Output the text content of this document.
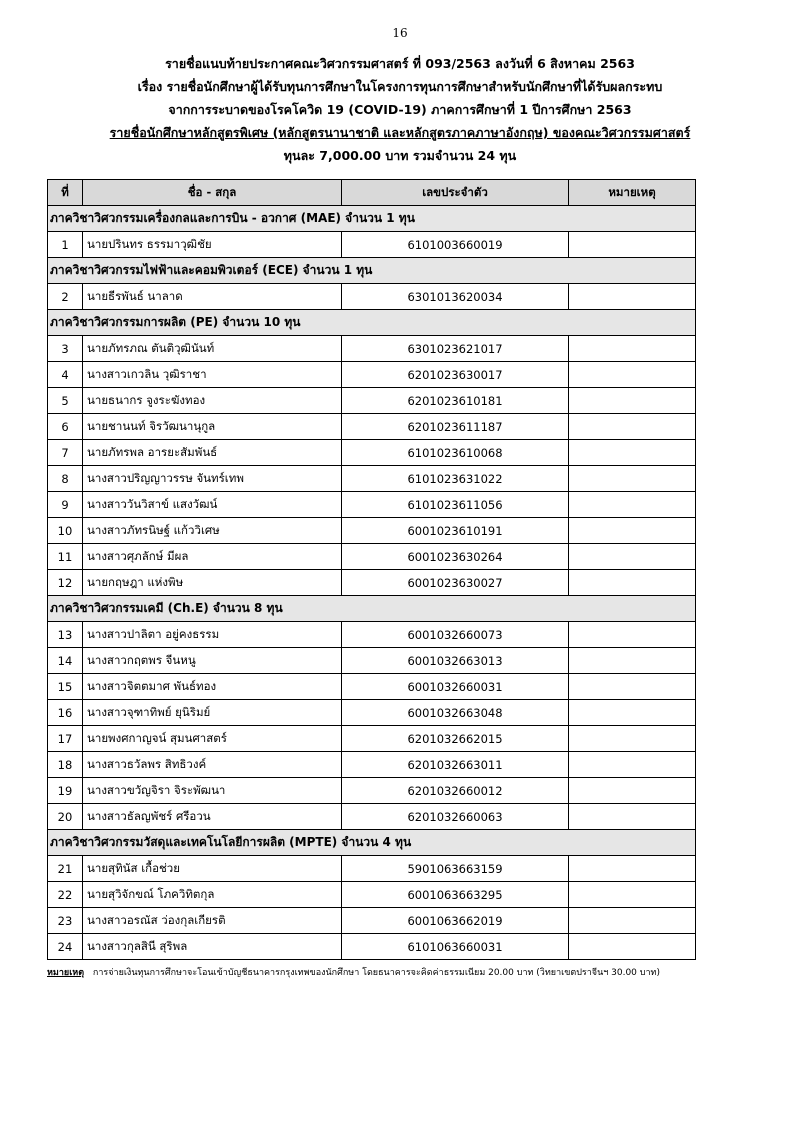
16
รายชื่อแนบท้ายประกาศคณะวิศวกรรมศาสตร์ ที่ 093/2563 ลงวันที่ 6 สิงหาคม 2563
เรื่อง รายชื่อนักศึกษาผู้ได้รับทุนการศึกษาในโครงการทุนการศึกษาสำหรับนักศึกษาที่ได้รับผลกระทบ
จากการระบาดของโรคโควิด 19 (COVID-19) ภาคการศึกษาที่ 1 ปีการศึกษา 2563
รายชื่อนักศึกษาหลักสูตรพิเศษ (หลักสูตรนานาชาติ และหลักสูตรภาคภาษาอังกฤษ) ของคณะวิศวกรรมศาสตร์
ทุนละ 7,000.00 บาท รวมจำนวน 24 ทุน
ที่	ชื่อ - สกุล	เลขประจำตัว	หมายเหตุ
ภาควิชาวิศวกรรมเครื่องกลและการบิน - อวกาศ (MAE) จำนวน 1 ทุน			
1	นายปรินทร ธรรมาวุฒิชัย	6101003660019	
ภาควิชาวิศวกรรมไฟฟ้าและคอมพิวเตอร์ (ECE) จำนวน 1 ทุน			
2	นายธีรพันธ์ นาลาด	6301013620034	
ภาควิชาวิศวกรรมการผลิต (PE) จำนวน 10 ทุน			
3	นายภัทรภณ ตันติวุฒินันท์	6301023621017	
4	นางสาวเกวลิน วุฒิราชา	6201023630017	
5	นายธนากร จูงระฆังทอง	6201023610181	
6	นายชานนท์ จิรวัฒนานุกูล	6201023611187	
7	นายภัทรพล อารยะสัมพันธ์	6101023610068	
8	นางสาวปริญญาวรรษ จันทร์เทพ	6101023631022	
9	นางสาววันวิสาข์ แสงวัฒน์	6101023611056	
10	นางสาวภัทรนิษฐ์ แก้ววิเศษ	6001023610191	
11	นางสาวศุภลักษ์ มีผล	6001023630264	
12	นายกฤษฎา แห่งพิษ	6001023630027	
ภาควิชาวิศวกรรมเคมี (Ch.E) จำนวน 8 ทุน			
13	นางสาวปาลิตา อยู่คงธรรม	6001032660073	
14	นางสาวกฤตพร จีนหนู	6001032663013	
15	นางสาวจิตตมาศ พันธ์ทอง	6001032660031	
16	นางสาวจุฑาทิพย์ ยุนิริมย์	6001032663048	
17	นายพงศกาญจน์ สุมนศาสตร์	6201032662015	
18	นางสาวธวัลพร สิทธิวงค์	6201032663011	
19	นางสาวขวัญจิรา จิระพัฒนา	6201032660012	
20	นางสาวธัลญพัชร์ ศรีอวน	6201032660063	
ภาควิชาวิศวกรรมวัสดุและเทคโนโลยีการผลิต (MPTE) จำนวน 4 ทุน			
21	นายสุทินัส เกื้อช่วย	5901063663159	
22	นายสุวิจักขณ์ โภควิทิตกุล	6001063663295	
23	นางสาวอรณัส ว่องกุลเกียรติ	6001063662019	
24	นางสาวกุลสินี สุริพล	6101063660031	
หมายเหตุ การจ่ายเงินทุนการศึกษาจะโอนเข้าบัญชีธนาคารกรุงเทพของนักศึกษา โดยธนาคารจะคิดค่าธรรมเนียม 20.00 บาท (วิทยาเขตปราจีนฯ 30.00 บาท)
